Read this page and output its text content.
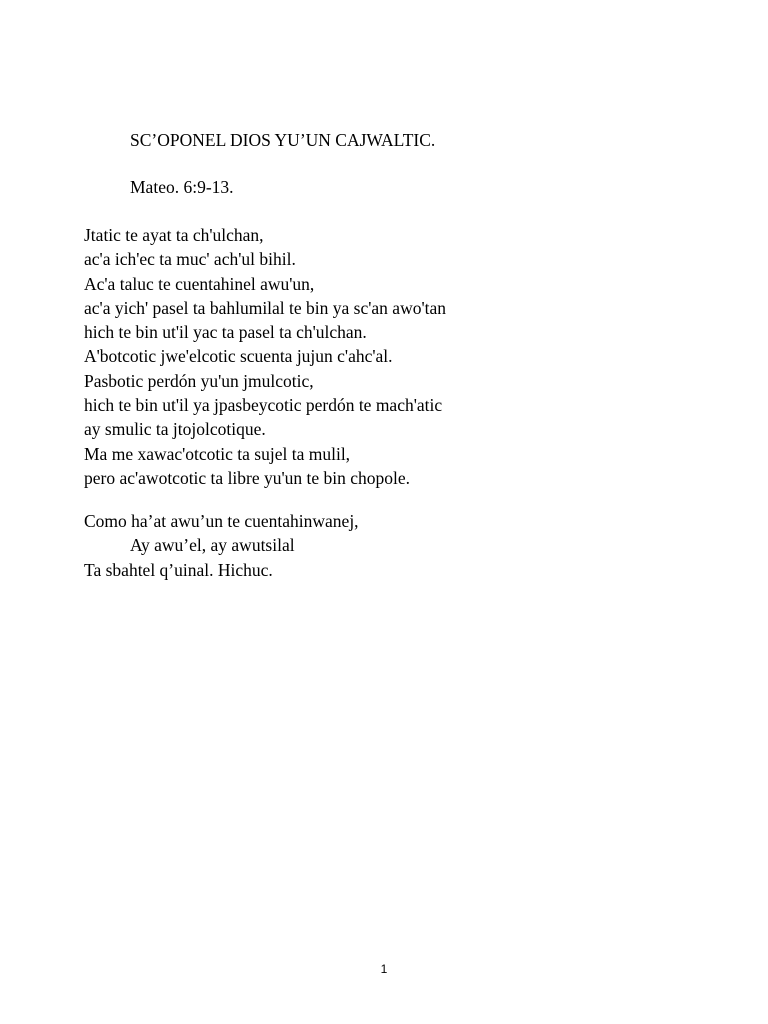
SC’OPONEL DIOS YU’UN CAJWALTIC.
Mateo. 6:9-13.
Jtatic te ayat ta ch'ulchan,
ac'a ich'ec ta muc' ach'ul bihil.
Ac'a taluc te cuentahinel awu'un,
ac'a yich' pasel ta bahlumilal te bin ya sc'an awo'tan
hich te bin ut'il yac ta pasel ta ch'ulchan.
A'botcotic jwe'elcotic scuenta jujun c'ahc'al.
Pasbotic perdón yu'un jmulcotic,
hich te bin ut'il ya jpasbeycotic perdón te mach'atic
ay smulic ta jtojolcotique.
Ma me xawac'otcotic ta sujel ta mulil,
pero ac'awotcotic ta libre yu'un te bin chopole.
Como ha’at awu’un te cuentahinwanej,
Ay awu’el, ay awutsilal
Ta sbahtel q’uinal. Hichuc.
1
